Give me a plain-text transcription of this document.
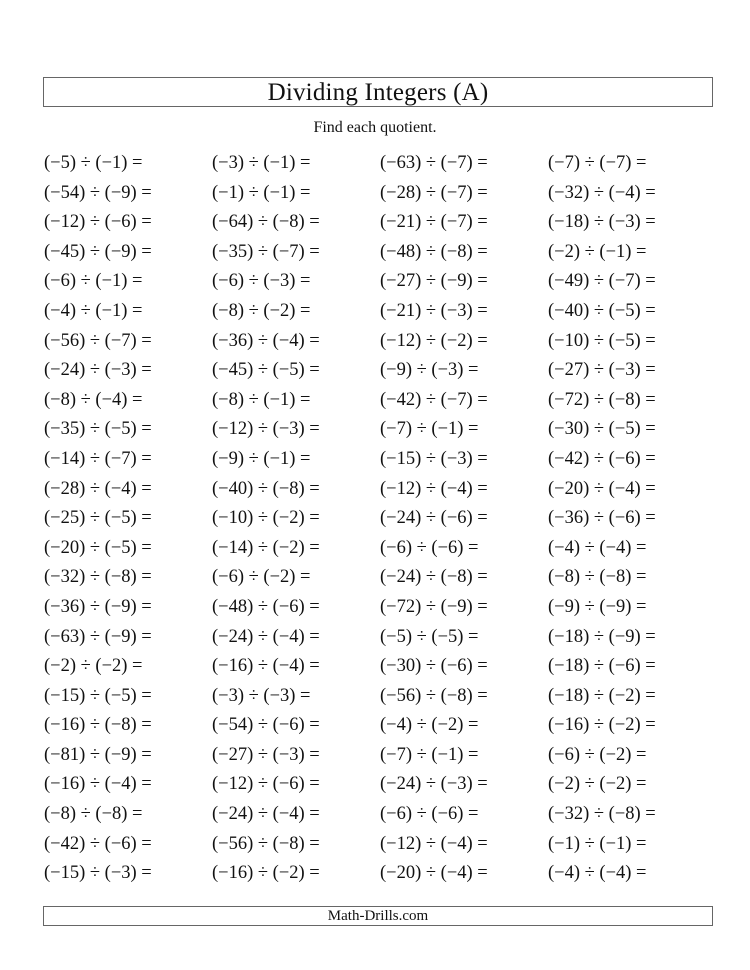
Dividing Integers (A)
Find each quotient.
(−5) ÷ (−1) =	(−3) ÷ (−1) =	(−63) ÷ (−7) =	(−7) ÷ (−7) =
(−54) ÷ (−9) =	(−1) ÷ (−1) =	(−28) ÷ (−7) =	(−32) ÷ (−4) =
(−12) ÷ (−6) =	(−64) ÷ (−8) =	(−21) ÷ (−7) =	(−18) ÷ (−3) =
(−45) ÷ (−9) =	(−35) ÷ (−7) =	(−48) ÷ (−8) =	(−2) ÷ (−1) =
(−6) ÷ (−1) =	(−6) ÷ (−3) =	(−27) ÷ (−9) =	(−49) ÷ (−7) =
(−4) ÷ (−1) =	(−8) ÷ (−2) =	(−21) ÷ (−3) =	(−40) ÷ (−5) =
(−56) ÷ (−7) =	(−36) ÷ (−4) =	(−12) ÷ (−2) =	(−10) ÷ (−5) =
(−24) ÷ (−3) =	(−45) ÷ (−5) =	(−9) ÷ (−3) =	(−27) ÷ (−3) =
(−8) ÷ (−4) =	(−8) ÷ (−1) =	(−42) ÷ (−7) =	(−72) ÷ (−8) =
(−35) ÷ (−5) =	(−12) ÷ (−3) =	(−7) ÷ (−1) =	(−30) ÷ (−5) =
(−14) ÷ (−7) =	(−9) ÷ (−1) =	(−15) ÷ (−3) =	(−42) ÷ (−6) =
(−28) ÷ (−4) =	(−40) ÷ (−8) =	(−12) ÷ (−4) =	(−20) ÷ (−4) =
(−25) ÷ (−5) =	(−10) ÷ (−2) =	(−24) ÷ (−6) =	(−36) ÷ (−6) =
(−20) ÷ (−5) =	(−14) ÷ (−2) =	(−6) ÷ (−6) =	(−4) ÷ (−4) =
(−32) ÷ (−8) =	(−6) ÷ (−2) =	(−24) ÷ (−8) =	(−8) ÷ (−8) =
(−36) ÷ (−9) =	(−48) ÷ (−6) =	(−72) ÷ (−9) =	(−9) ÷ (−9) =
(−63) ÷ (−9) =	(−24) ÷ (−4) =	(−5) ÷ (−5) =	(−18) ÷ (−9) =
(−2) ÷ (−2) =	(−16) ÷ (−4) =	(−30) ÷ (−6) =	(−18) ÷ (−6) =
(−15) ÷ (−5) =	(−3) ÷ (−3) =	(−56) ÷ (−8) =	(−18) ÷ (−2) =
(−16) ÷ (−8) =	(−54) ÷ (−6) =	(−4) ÷ (−2) =	(−16) ÷ (−2) =
(−81) ÷ (−9) =	(−27) ÷ (−3) =	(−7) ÷ (−1) =	(−6) ÷ (−2) =
(−16) ÷ (−4) =	(−12) ÷ (−6) =	(−24) ÷ (−3) =	(−2) ÷ (−2) =
(−8) ÷ (−8) =	(−24) ÷ (−4) =	(−6) ÷ (−6) =	(−32) ÷ (−8) =
(−42) ÷ (−6) =	(−56) ÷ (−8) =	(−12) ÷ (−4) =	(−1) ÷ (−1) =
(−15) ÷ (−3) =	(−16) ÷ (−2) =	(−20) ÷ (−4) =	(−4) ÷ (−4) =
Math-Drills.com
